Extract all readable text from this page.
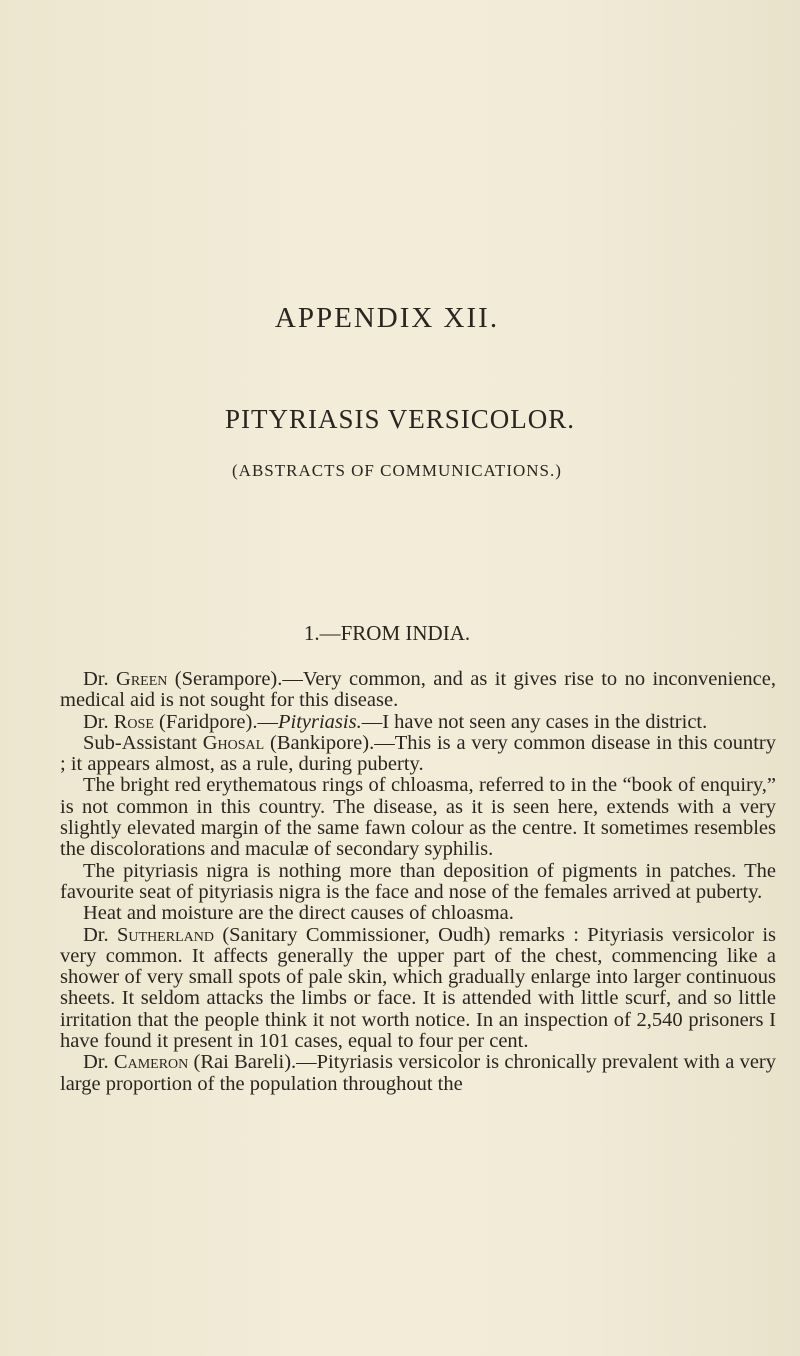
APPENDIX XII.
PITYRIASIS VERSICOLOR.
(ABSTRACTS OF COMMUNICATIONS.)
1.—FROM INDIA.

Dr. Green (Serampore).—Very common, and as it gives rise to no inconvenience, medical aid is not sought for this disease.

Dr. Rose (Faridpore).—Pityriasis.—I have not seen any cases in the district.

Sub-Assistant Ghosal (Bankipore).—This is a very common disease in this country ; it appears almost, as a rule, during puberty.

The bright red erythematous rings of chloasma, referred to in the “book of enquiry,” is not common in this country. The disease, as it is seen here, extends with a very slightly elevated margin of the same fawn colour as the centre. It sometimes resembles the discolorations and maculæ of secondary syphilis.

The pityriasis nigra is nothing more than deposition of pigments in patches. The favourite seat of pityriasis nigra is the face and nose of the females arrived at puberty.

Heat and moisture are the direct causes of chloasma.

Dr. Sutherland (Sanitary Commissioner, Oudh) remarks : Pityriasis versicolor is very common. It affects generally the upper part of the chest, commencing like a shower of very small spots of pale skin, which gradually enlarge into larger continuous sheets. It seldom attacks the limbs or face. It is attended with little scurf, and so little irritation that the people think it not worth notice. In an inspection of 2,540 prisoners I have found it present in 101 cases, equal to four per cent.

Dr. Cameron (Rai Bareli).—Pityriasis versicolor is chronically prevalent with a very large proportion of the population throughout the
